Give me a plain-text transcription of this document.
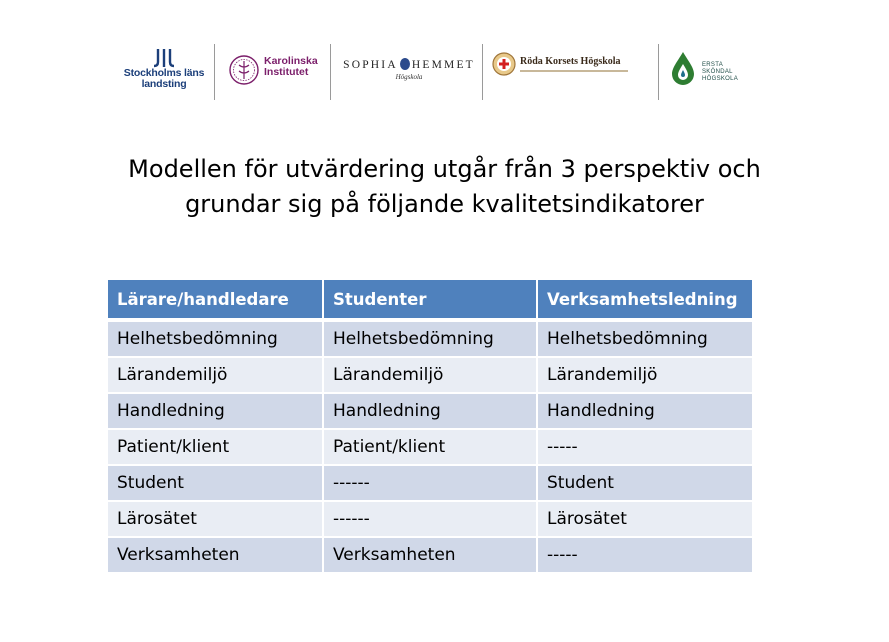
Stockholms läns
landsting
Karolinska
Institutet
SOPHIA HEMMET
Högskola
Röda Korsets Högskola	ERSTA
SKÖNDAL
HÖGSKOLA
Modellen för utvärdering utgår från 3 perspektiv och
grundar sig på följande kvalitetsindikatorer
Lärare/handledare	Studenter	Verksamhetsledning
Helhetsbedömning	Helhetsbedömning	Helhetsbedömning
Lärandemiljö	Lärandemiljö	Lärandemiljö
Handledning	Handledning	Handledning
Patient/klient	Patient/klient	-----
Student	------	Student
Lärosätet	------	Lärosätet
Verksamheten	Verksamheten	-----
